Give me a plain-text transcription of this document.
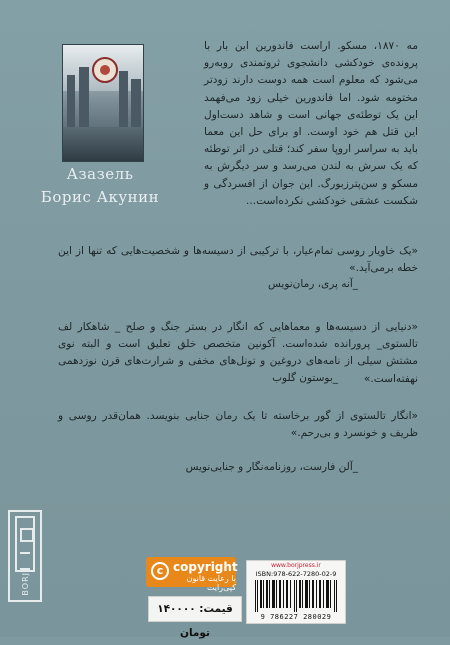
Азазель
Борис Акунин
مه ۱۸۷۰، مسکو. اراست فاندورین این بار با پرونده‌ی خودکشی دانشجوی ثروتمندی روبه‌رو می‌شود که معلوم است همه دوست دارند زودتر مختومه شود. اما فاندورین خیلی زود می‌فهمد این یک توطئه‌ی جهانی است و شاهد دست‌اول این قتل هم خود اوست. او برای حل این معما باید به سراسر اروپا سفر کند؛ قتلی در اثر توطئه که یک سرش به لندن می‌رسد و سر دیگرش به مسکو و سن‌پترزبورگ. این جوان از افسردگی و شکست عشقی خودکشی نکرده‌است...
«یک خاویار روسی تمام‌عیار، با ترکیبی از دسیسه‌ها و شخصیت‌هایی که تنها از این خطه برمی‌آید.»
_آنه پری، رمان‌نویس
«دنیایی از دسیسه‌ها و معماهایی که انگار در بستر جنگ و صلح _ شاهکار لف تالستوی_ پرورانده شده‌است. آکونین متخصص خلق تعلیق است و البته نوی مشتش سیلی از نامه‌های دروغین و تونل‌های مخفی و شرارت‌های قرن نوزدهمی نهفته‌است.»
_بوستون گلوب
«انگار تالستوی از گور برخاسته تا یک رمان جنایی بنویسد. همان‌قدر روسی و ظریف و خونسرد و بی‌رحم.»
_آلن فارست، روزنامه‌نگار و جنایی‌نویس
BORJ
c copyright
با رعایت قانون کپی‌رایت
قیمت: ۱۴۰۰۰۰ تومان
www.borjpress.ir
ISBN:978-622-7280-02-9
9 786227 280029
